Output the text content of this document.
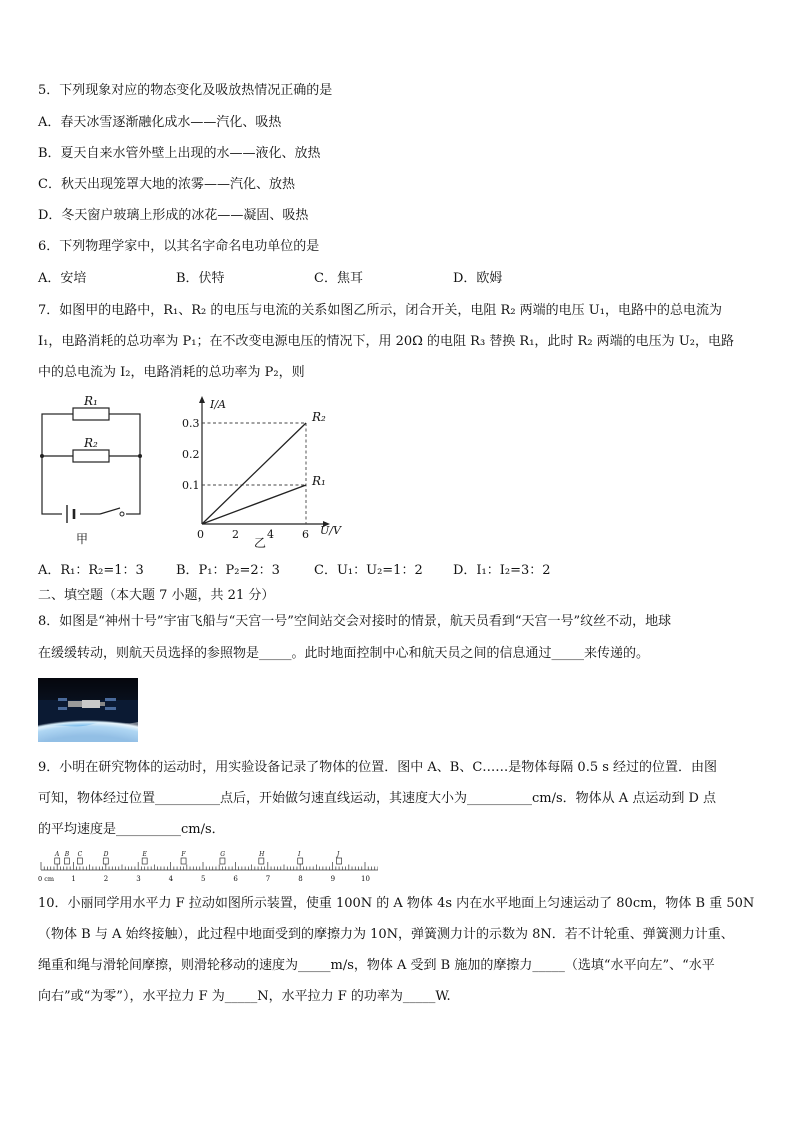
5．下列现象对应的物态变化及吸放热情况正确的是
A．春天冰雪逐渐融化成水——汽化、吸热
B．夏天自来水管外壁上出现的水——液化、放热
C．秋天出现笼罩大地的浓雾——汽化、放热
D．冬天窗户玻璃上形成的冰花——凝固、吸热
6．下列物理学家中，以其名字命名电功单位的是
A．安培	B．伏特	C．焦耳	D．欧姆
7．如图甲的电路中，R₁、R₂ 的电压与电流的关系如图乙所示，闭合开关，电阻 R₂ 两端的电压 U₁，电路中的总电流为
I₁，电路消耗的总功率为 P₁；在不改变电源电压的情况下，用 20Ω 的电阻 R₃ 替换 R₁，此时 R₂ 两端的电压为 U₂，电路
中的总电流为 I₂，电路消耗的总功率为 P₂，则
R₁
R₂
甲
I/A
U/V
0.3
0.2
0.1
0	2	4	6
R₂
R₁
乙
A．R₁：R₂=1：3 B．P₁：P₂=2：3	C．U₁：U₂=1：2 D．I₁：I₂=3：2
二、填空题（本大题 7 小题，共 21 分）
8．如图是“神州十号”宇宙飞船与“天宫一号”空间站交会对接时的情景，航天员看到“天宫一号”纹丝不动，地球
在缓缓转动，则航天员选择的参照物是_____。此时地面控制中心和航天员之间的信息通过_____来传递的。
9．小明在研究物体的运动时，用实验设备记录了物体的位置．图中 A、B、C……是物体每隔 0.5 s 经过的位置．由图
可知，物体经过位置__________点后，开始做匀速直线运动，其速度大小为__________cm/s．物体从 A 点运动到 D 点
的平均速度是__________cm/s．
A B C	D	E	F	G	H	I	J
1	2	3	4	5	6	7	8	9	10
0 cm
10．小丽同学用水平力 F 拉动如图所示装置，使重 100N 的 A 物体 4s 内在水平地面上匀速运动了 80cm，物体 B 重 50N
（物体 B 与 A 始终接触），此过程中地面受到的摩擦力为 10N，弹簧测力计的示数为 8N．若不计轮重、弹簧测力计重、
绳重和绳与滑轮间摩擦，则滑轮移动的速度为_____m/s，物体 A 受到 B 施加的摩擦力_____（选填“水平向左”、“水平
向右”或“为零”），水平拉力 F 为_____N，水平拉力 F 的功率为_____W.
